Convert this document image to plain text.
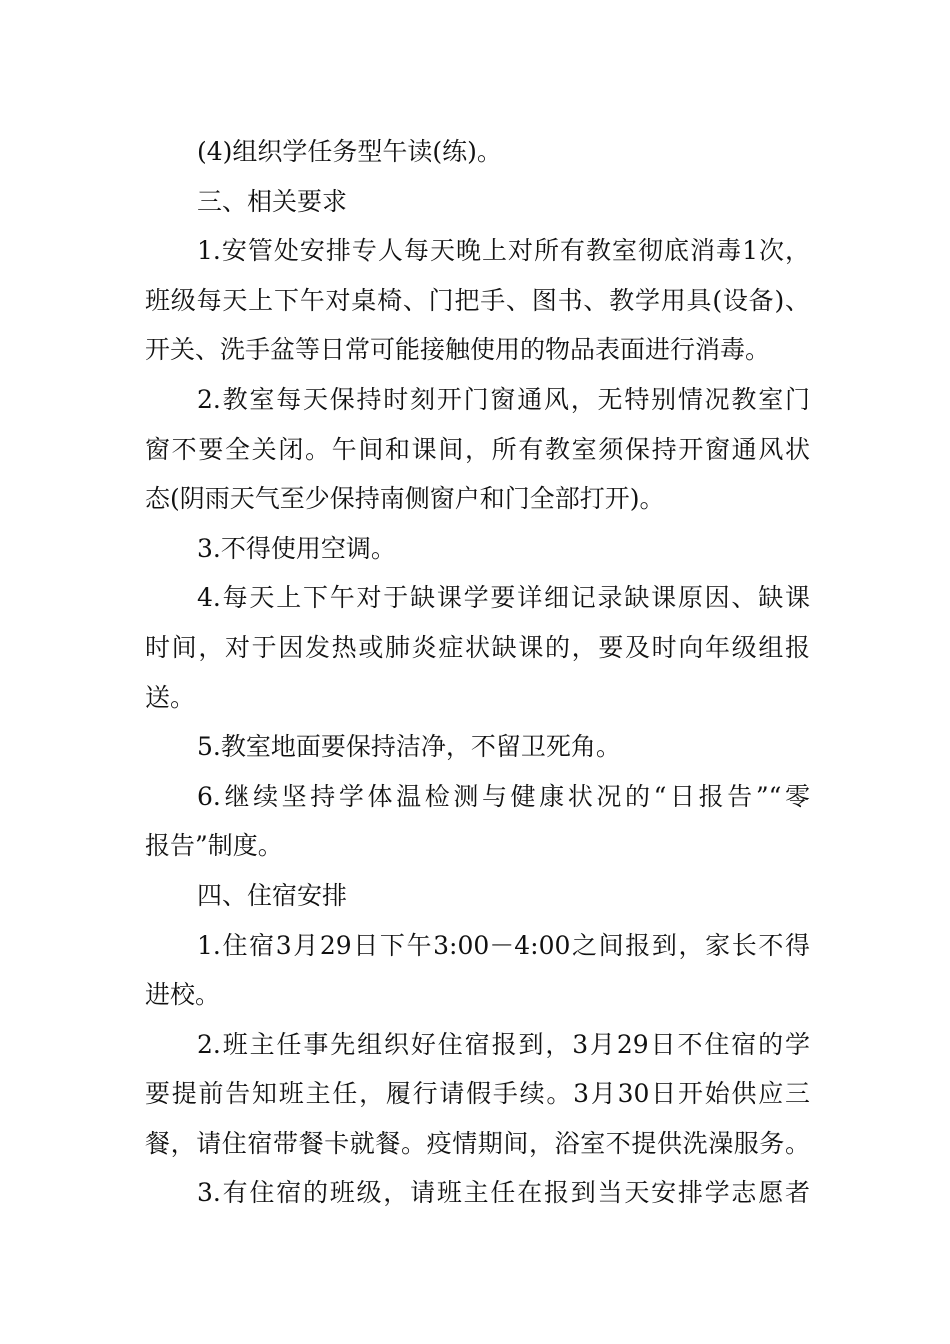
(4)组织学任务型午读(练)。
三、相关要求
1.安管处安排专人每天晚上对所有教室彻底消毒1次，
班级每天上下午对桌椅、门把手、图书、教学用具(设备)、
开关、洗手盆等日常可能接触使用的物品表面进行消毒。
2.教室每天保持时刻开门窗通风，无特别情况教室门
窗不要全关闭。午间和课间，所有教室须保持开窗通风状
态(阴雨天气至少保持南侧窗户和门全部打开)。
3.不得使用空调。
4.每天上下午对于缺课学要详细记录缺课原因、缺课
时间，对于因发热或肺炎症状缺课的，要及时向年级组报
送。
5.教室地面要保持洁净，不留卫死角。
6.继续坚持学体温检测与健康状况的“日报告”“零
报告”制度。
四、住宿安排
1.住宿3月29日下午3:00－4:00之间报到，家长不得
进校。
2.班主任事先组织好住宿报到，3月29日不住宿的学
要提前告知班主任，履行请假手续。3月30日开始供应三
餐，请住宿带餐卡就餐。疫情期间，浴室不提供洗澡服务。
3.有住宿的班级，请班主任在报到当天安排学志愿者
